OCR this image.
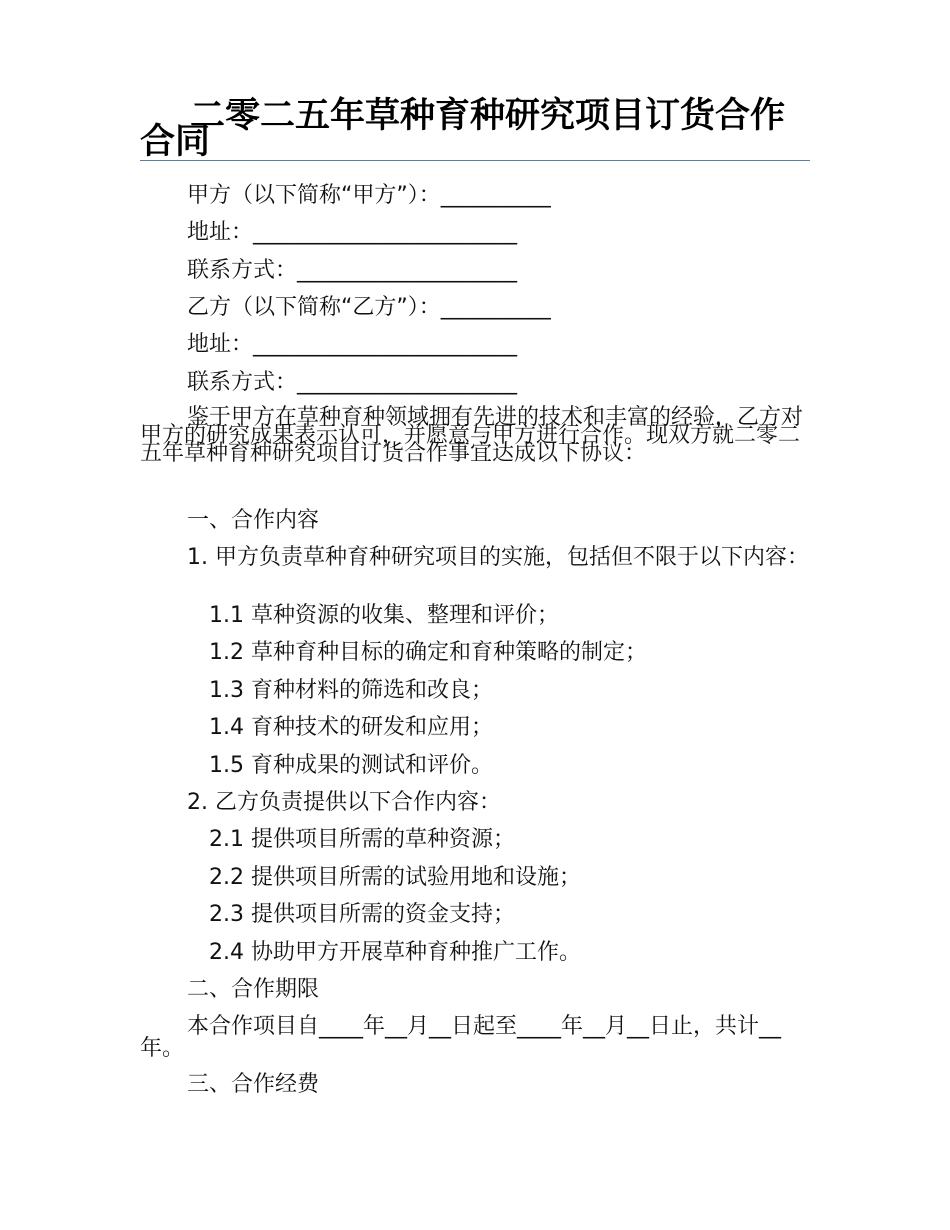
二零二五年草种育种研究项目订货合作合同
甲方（以下简称“甲方”）：__________
地址：________________________
联系方式：____________________
乙方（以下简称“乙方”）：__________
地址：________________________
联系方式：____________________
鉴于甲方在草种育种领域拥有先进的技术和丰富的经验，乙方对甲方的研究成果表示认可，并愿意与甲方进行合作。现双方就二零二五年草种育种研究项目订货合作事宜达成以下协议：
一、合作内容
1. 甲方负责草种育种研究项目的实施，包括但不限于以下内容：
1.1 草种资源的收集、整理和评价；
1.2 草种育种目标的确定和育种策略的制定；
1.3 育种材料的筛选和改良；
1.4 育种技术的研发和应用；
1.5 育种成果的测试和评价。
2. 乙方负责提供以下合作内容：
2.1 提供项目所需的草种资源；
2.2 提供项目所需的试验用地和设施；
2.3 提供项目所需的资金支持；
2.4 协助甲方开展草种育种推广工作。
二、合作期限
本合作项目自____年__月__日起至____年__月__日止，共计__年。
三、合作经费
